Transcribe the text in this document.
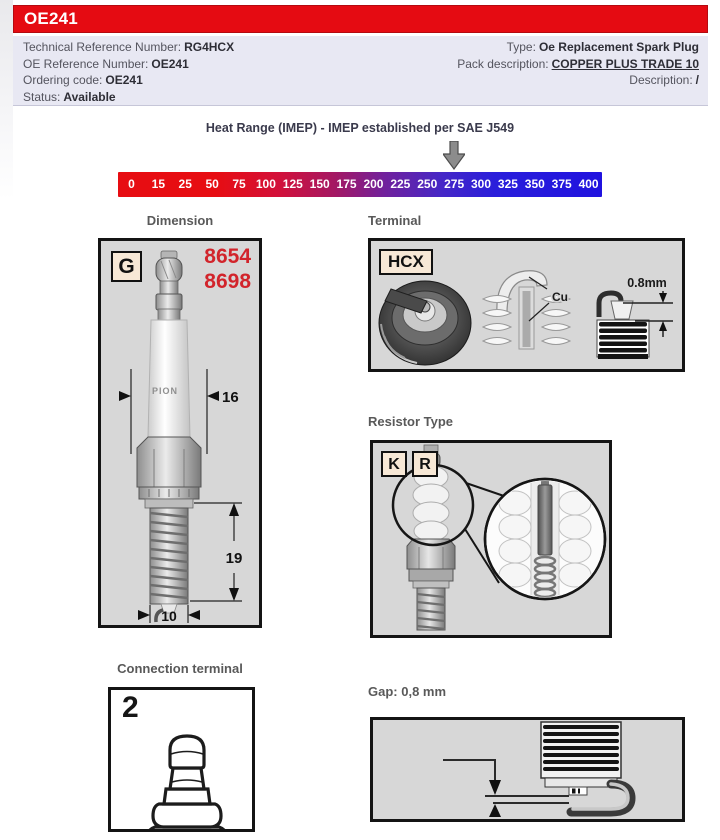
OE241
Technical Reference Number: RG4HCX
OE Reference Number: OE241
Ordering code: OE241
Status: Available
Type: Oe Replacement Spark Plug
Pack description: COPPER PLUS TRADE 10
Description: /
Heat Range (IMEP) - IMEP established per SAE J549
0	15	25	50	75 100 125 150 175 200 225 250 275 300 325 350 375 400
Dimension
PION	16
19
10
G	8654
8698
Connection terminal
2
Terminal
Cu
0.8mm
HCX
Resistor Type
K	R
Gap: 0,8 mm
